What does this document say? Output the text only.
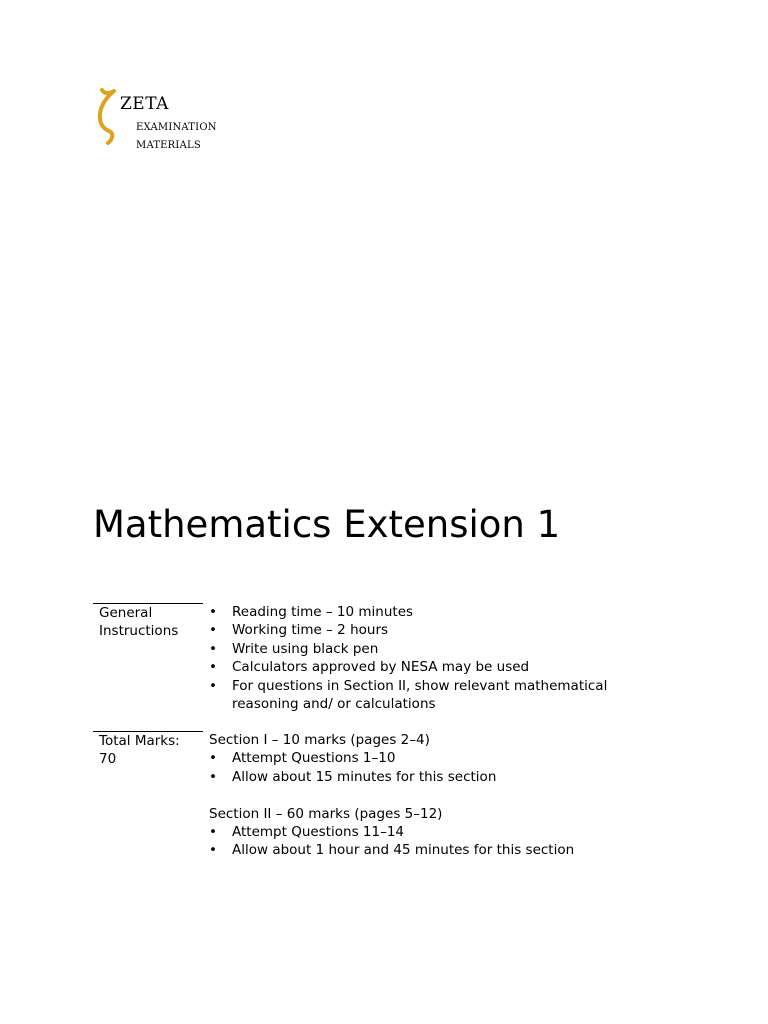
ZETA
EXAMINATION
MATERIALS
Mathematics Extension 1
General
Instructions
• Reading time – 10 minutes
• Working time – 2 hours
• Write using black pen
• Calculators approved by NESA may be used
• For questions in Section II, show relevant mathematical
reasoning and/ or calculations
Total Marks:
70
Section I – 10 marks (pages 2–4)
• Attempt Questions 1–10
• Allow about 15 minutes for this section
Section II – 60 marks (pages 5–12)
• Attempt Questions 11–14
• Allow about 1 hour and 45 minutes for this section
